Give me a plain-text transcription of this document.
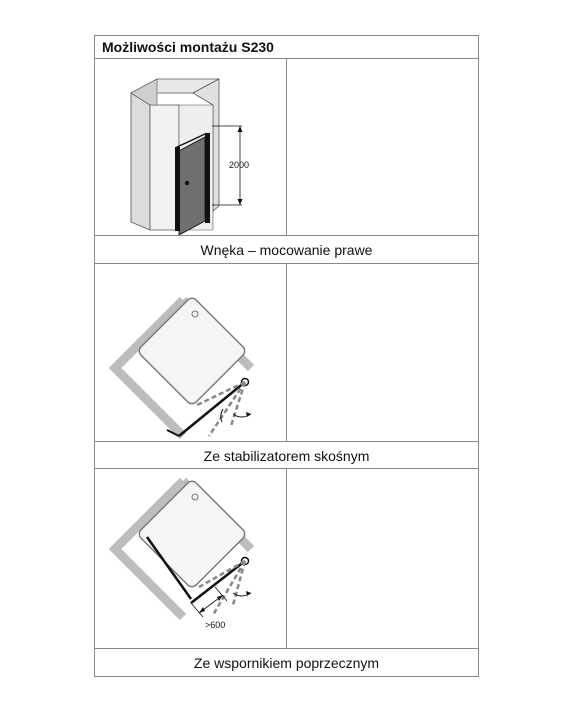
Możliwości montażu S230
2000
Wnęka – mocowanie prawe
Ze stabilizatorem skośnym
>600
Ze wspornikiem poprzecznym
